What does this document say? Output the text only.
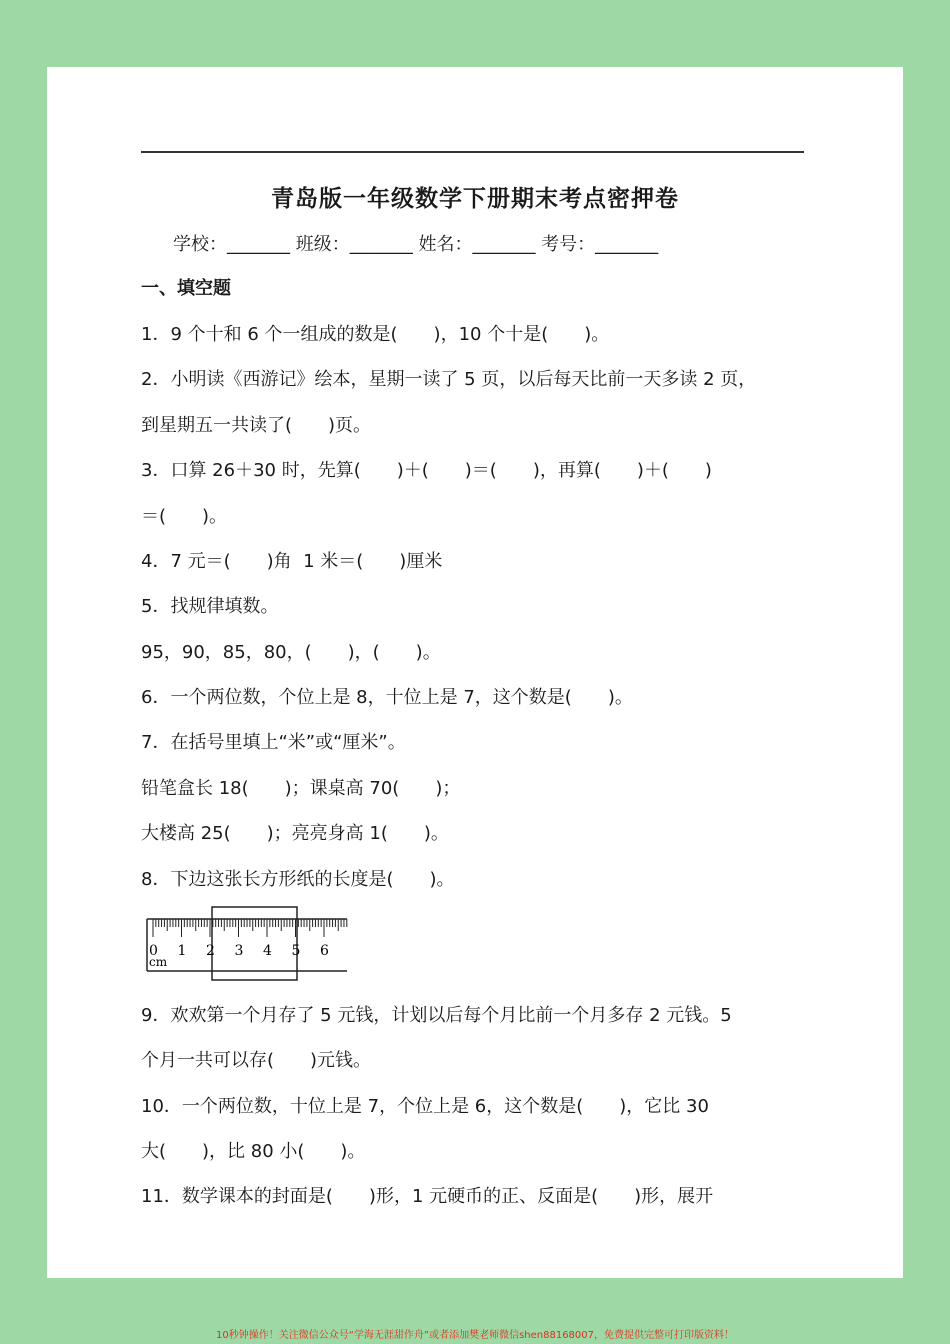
青岛版一年级数学下册期末考点密押卷
学校：_______ 班级：_______ 姓名：_______ 考号：_______
一、填空题
1．9 个十和 6 个一组成的数是(　　)，10 个十是(　　)。
2．小明读《西游记》绘本，星期一读了 5 页，以后每天比前一天多读 2 页，
到星期五一共读了(　　)页。
3．口算 26＋30 时，先算(　　)＋(　　)＝(　　)，再算(　　)＋(　　)
＝(　　)。
4．7 元＝(　　)角  1 米＝(　　)厘米
5．找规律填数。
95，90，85，80，(　　)，(　　)。
6．一个两位数，个位上是 8，十位上是 7，这个数是(　　)。
7．在括号里填上“米”或“厘米”。
铅笔盒长 18(　　)；课桌高 70(　　)；
大楼高 25(　　)；亮亮身高 1(　　)。
8．下边这张长方形纸的长度是(　　)。
0 1 2 3 4 5 6
cm
9．欢欢第一个月存了 5 元钱，计划以后每个月比前一个月多存 2 元钱。5
个月一共可以存(　　)元钱。
10．一个两位数，十位上是 7，个位上是 6，这个数是(　　)，它比 30
大(　　)，比 80 小(　　)。
11．数学课本的封面是(　　)形，1 元硬币的正、反面是(　　)形，展开
10秒钟操作！关注微信公众号“学海无涯甜作舟”或者添加樊老师微信shen88168007，免费提供完整可打印版资料！
